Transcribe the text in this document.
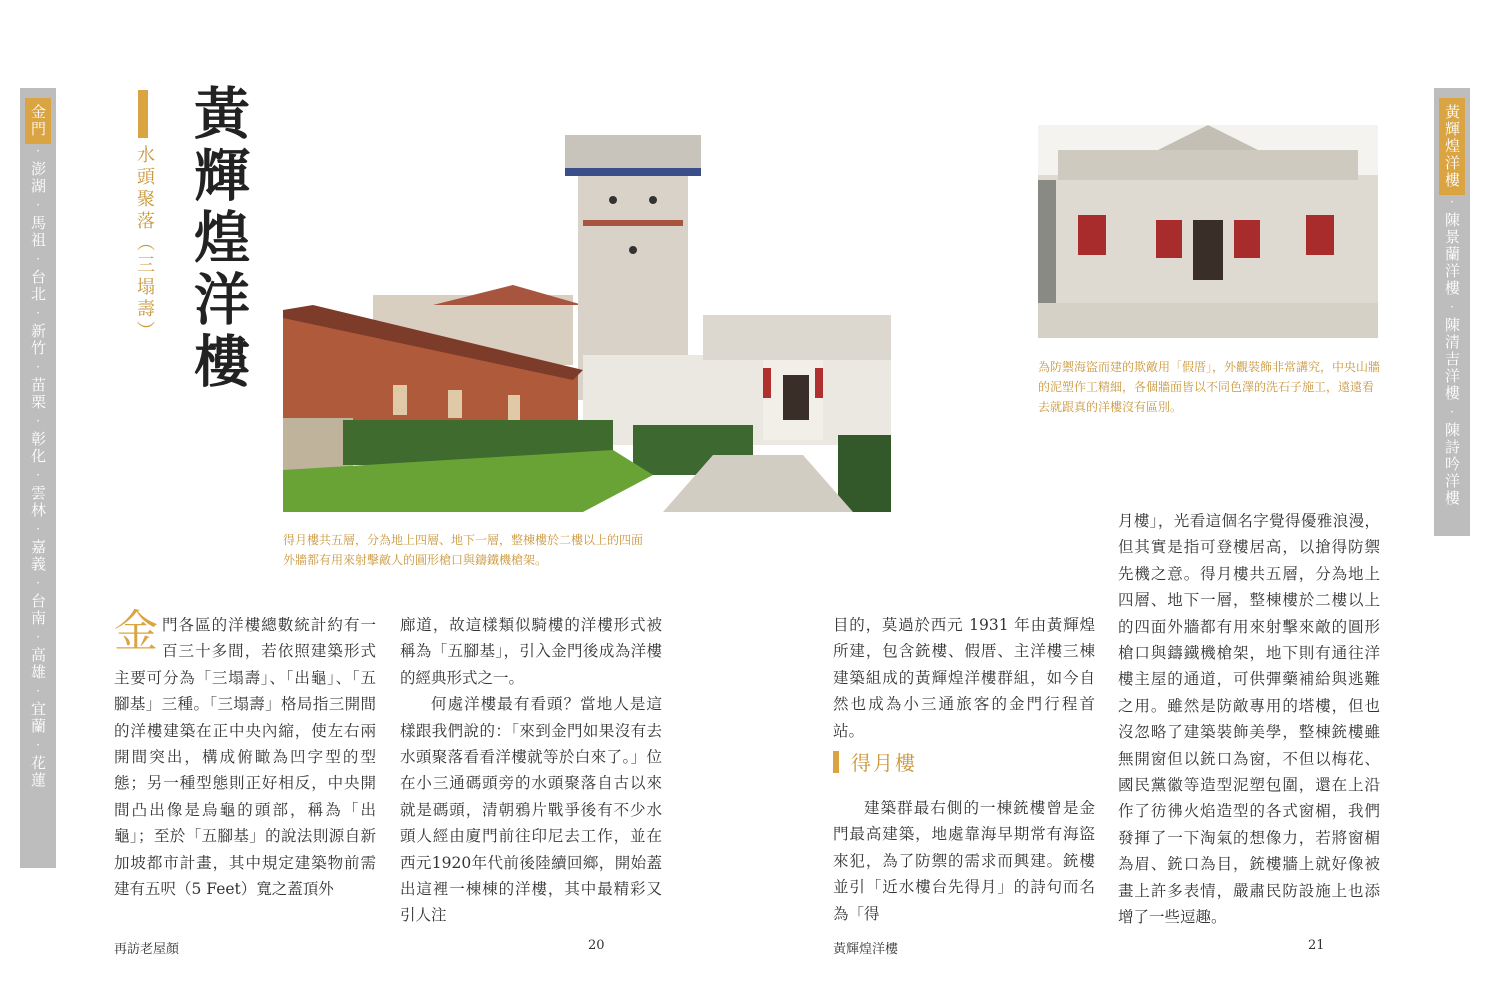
金門
·
澎湖
·
馬祖
·
台北
·
新竹
·
苗栗
·
彰化
·
雲林
·
嘉義
·
台南
·
高雄
·
宜蘭
·
花蓮
黃輝煌洋樓
·
陳景蘭洋樓
·
陳清吉洋樓
·
陳詩吟洋樓
水頭聚落（三塌壽） 黃輝煌洋樓
得月樓共五層，分為地上四層、地下一層，整棟樓於二樓以上的四面外牆都有用來射擊敵人的圓形槍口與鑄鐵機槍架。
為防禦海盜而建的欺敵用「假厝」，外觀裝飾非常講究，中央山牆的泥塑作工精細，各個牆面皆以不同色澤的洗石子施工，遠遠看去就跟真的洋樓沒有區別。
金門各區的洋樓總數統計約有一百三十多間，若依照建築形式主要可分為「三塌壽」、「出龜」、「五腳基」三種。「三塌壽」格局指三開間的洋樓建築在正中央內縮，使左右兩開間突出，構成俯瞰為凹字型的型態；另一種型態則正好相反，中央開間凸出像是烏龜的頭部，稱為「出龜」；至於「五腳基」的說法則源自新加坡都市計畫，其中規定建築物前需建有五呎（5 Feet）寬之蓋頂外

廊道，故這樣類似騎樓的洋樓形式被稱為「五腳基」，引入金門後成為洋樓的經典形式之一。

何處洋樓最有看頭？當地人是這樣跟我們說的：「來到金門如果沒有去水頭聚落看看洋樓就等於白來了。」位在小三通碼頭旁的水頭聚落自古以來就是碼頭，清朝鴉片戰爭後有不少水頭人經由廈門前往印尼去工作，並在西元1920年代前後陸續回鄉，開始蓋出這裡一棟棟的洋樓，其中最精彩又引人注

目的，莫過於西元 1931 年由黃輝煌所建，包含銃樓、假厝、主洋樓三棟建築組成的黃輝煌洋樓群組，如今自然也成為小三通旅客的金門行程首站。

得月樓

建築群最右側的一棟銃樓曾是金門最高建築，地處靠海早期常有海盜來犯，為了防禦的需求而興建。銃樓並引「近水樓台先得月」的詩句而名為「得

月樓」，光看這個名字覺得優雅浪漫，但其實是指可登樓居高，以搶得防禦先機之意。得月樓共五層，分為地上四層、地下一層，整棟樓於二樓以上的四面外牆都有用來射擊來敵的圓形槍口與鑄鐵機槍架，地下則有通往洋樓主屋的通道，可供彈藥補給與逃難之用。雖然是防敵專用的塔樓，但也沒忽略了建築裝飾美學，整棟銃樓雖無開窗但以銃口為窗，不但以梅花、國民黨徽等造型泥塑包圍，還在上沿作了彷彿火焰造型的各式窗楣，我們發揮了一下淘氣的想像力，若將窗楣為眉、銃口為目，銃樓牆上就好像被畫上許多表情，嚴肅民防設施上也添增了一些逗趣。

再訪老屋顏	20	黃輝煌洋樓	21
